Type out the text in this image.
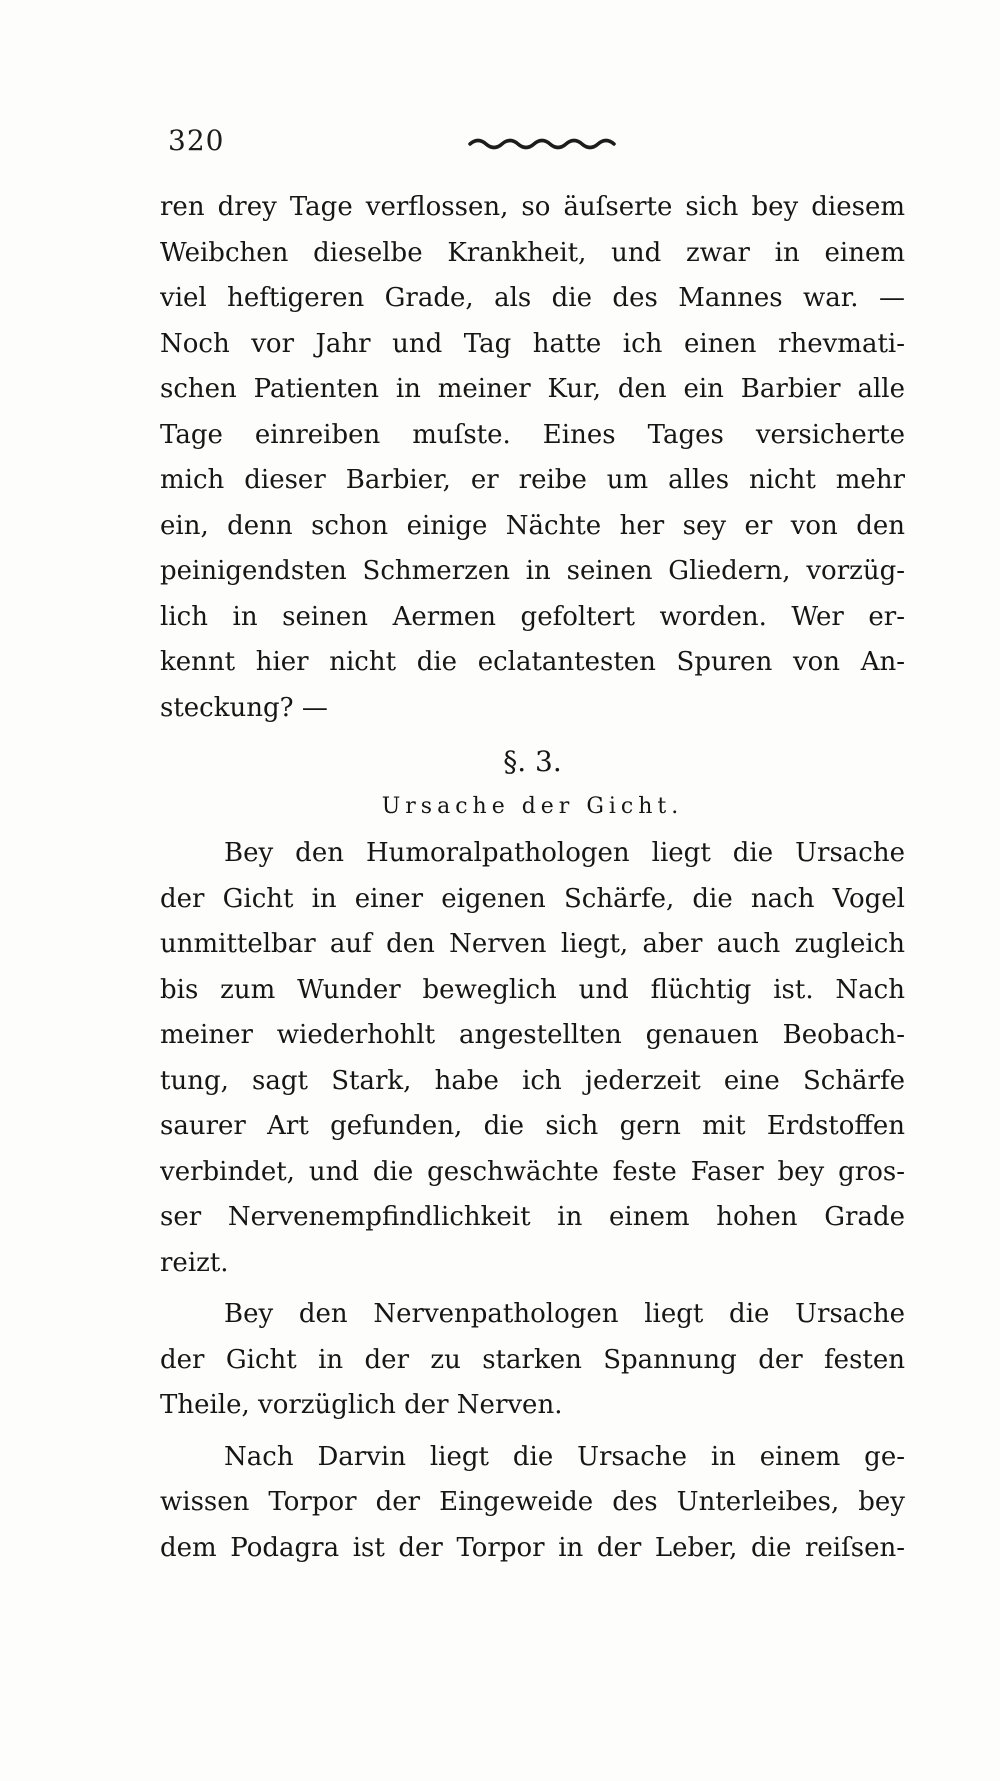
320
ren drey Tage verflossen, so äuſserte sich bey diesem
Weibchen dieselbe Krankheit, und zwar in einem
viel heftigeren Grade, als die des Mannes war. —
Noch vor Jahr und Tag hatte ich einen rhevmati-
schen Patienten in meiner Kur, den ein Barbier alle
Tage einreiben muſste. Eines Tages versicherte
mich dieser Barbier, er reibe um alles nicht mehr
ein, denn schon einige Nächte her sey er von den
peinigendsten Schmerzen in seinen Gliedern, vorzüg-
lich in seinen Aermen gefoltert worden. Wer er-
kennt hier nicht die eclatantesten Spuren von An-
steckung? —
§. 3.
Ursache der Gicht.
Bey den Humoralpathologen liegt die Ursache
der Gicht in einer eigenen Schärfe, die nach Vogel
unmittelbar auf den Nerven liegt, aber auch zugleich
bis zum Wunder beweglich und flüchtig ist. Nach
meiner wiederhohlt angestellten genauen Beobach-
tung, sagt Stark, habe ich jederzeit eine Schärfe
saurer Art gefunden, die sich gern mit Erdstoffen
verbindet, und die geschwächte feste Faser bey gros-
ser Nervenempfindlichkeit in einem hohen Grade
reizt.
Bey den Nervenpathologen liegt die Ursache
der Gicht in der zu starken Spannung der festen
Theile, vorzüglich der Nerven.
Nach Darvin liegt die Ursache in einem ge-
wissen Torpor der Eingeweide des Unterleibes, bey
dem Podagra ist der Torpor in der Leber, die reiſsen-
